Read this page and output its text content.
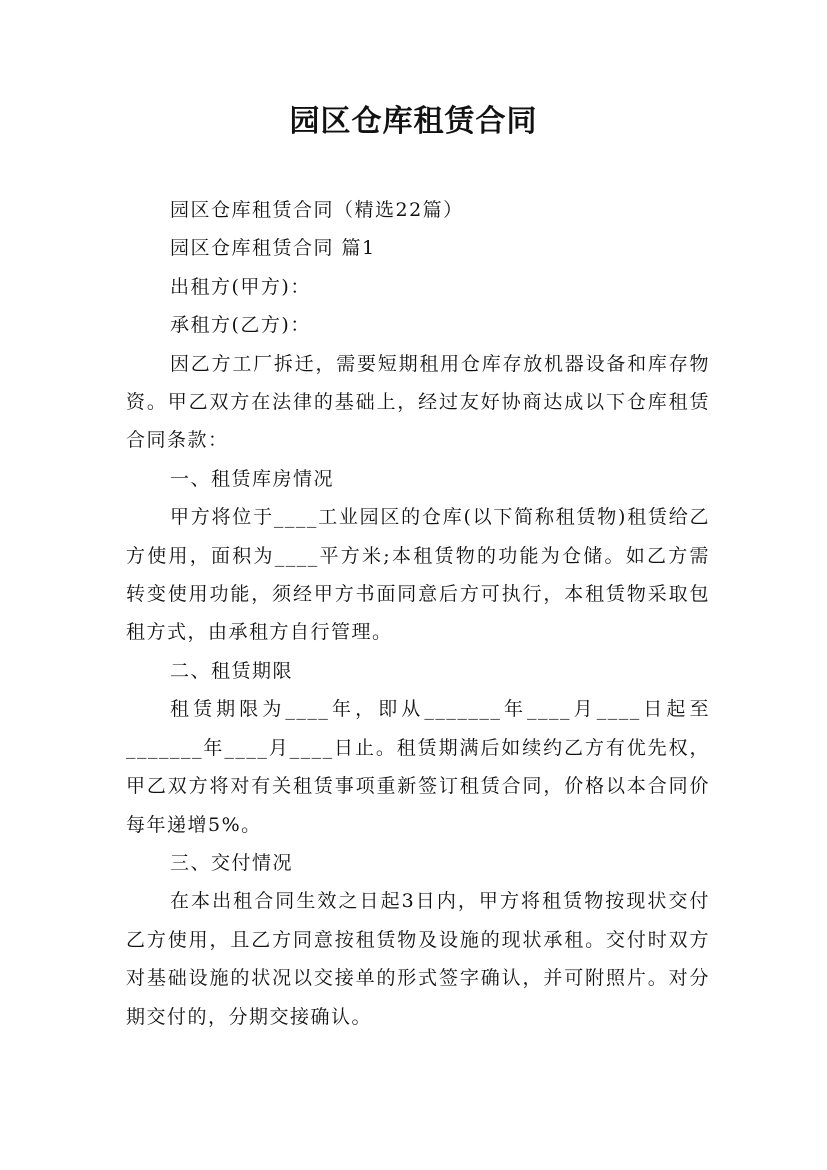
园区仓库租赁合同

园区仓库租赁合同（精选22篇）

园区仓库租赁合同 篇1

出租方(甲方)：

承租方(乙方)：

因乙方工厂拆迁，需要短期租用仓库存放机器设备和库存物资。甲乙双方在法律的基础上，经过友好协商达成以下仓库租赁合同条款：

一、租赁库房情况

甲方将位于____工业园区的仓库(以下简称租赁物)租赁给乙方使用，面积为____平方米;本租赁物的功能为仓储。如乙方需转变使用功能，须经甲方书面同意后方可执行，本租赁物采取包租方式，由承租方自行管理。

二、租赁期限

租赁期限为____年，即从_______年____月____日起至_______年____月____日止。租赁期满后如续约乙方有优先权，甲乙双方将对有关租赁事项重新签订租赁合同，价格以本合同价每年递增5%。

三、交付情况

在本出租合同生效之日起3日内，甲方将租赁物按现状交付乙方使用，且乙方同意按租赁物及设施的现状承租。交付时双方对基础设施的状况以交接单的形式签字确认，并可附照片。对分期交付的，分期交接确认。
